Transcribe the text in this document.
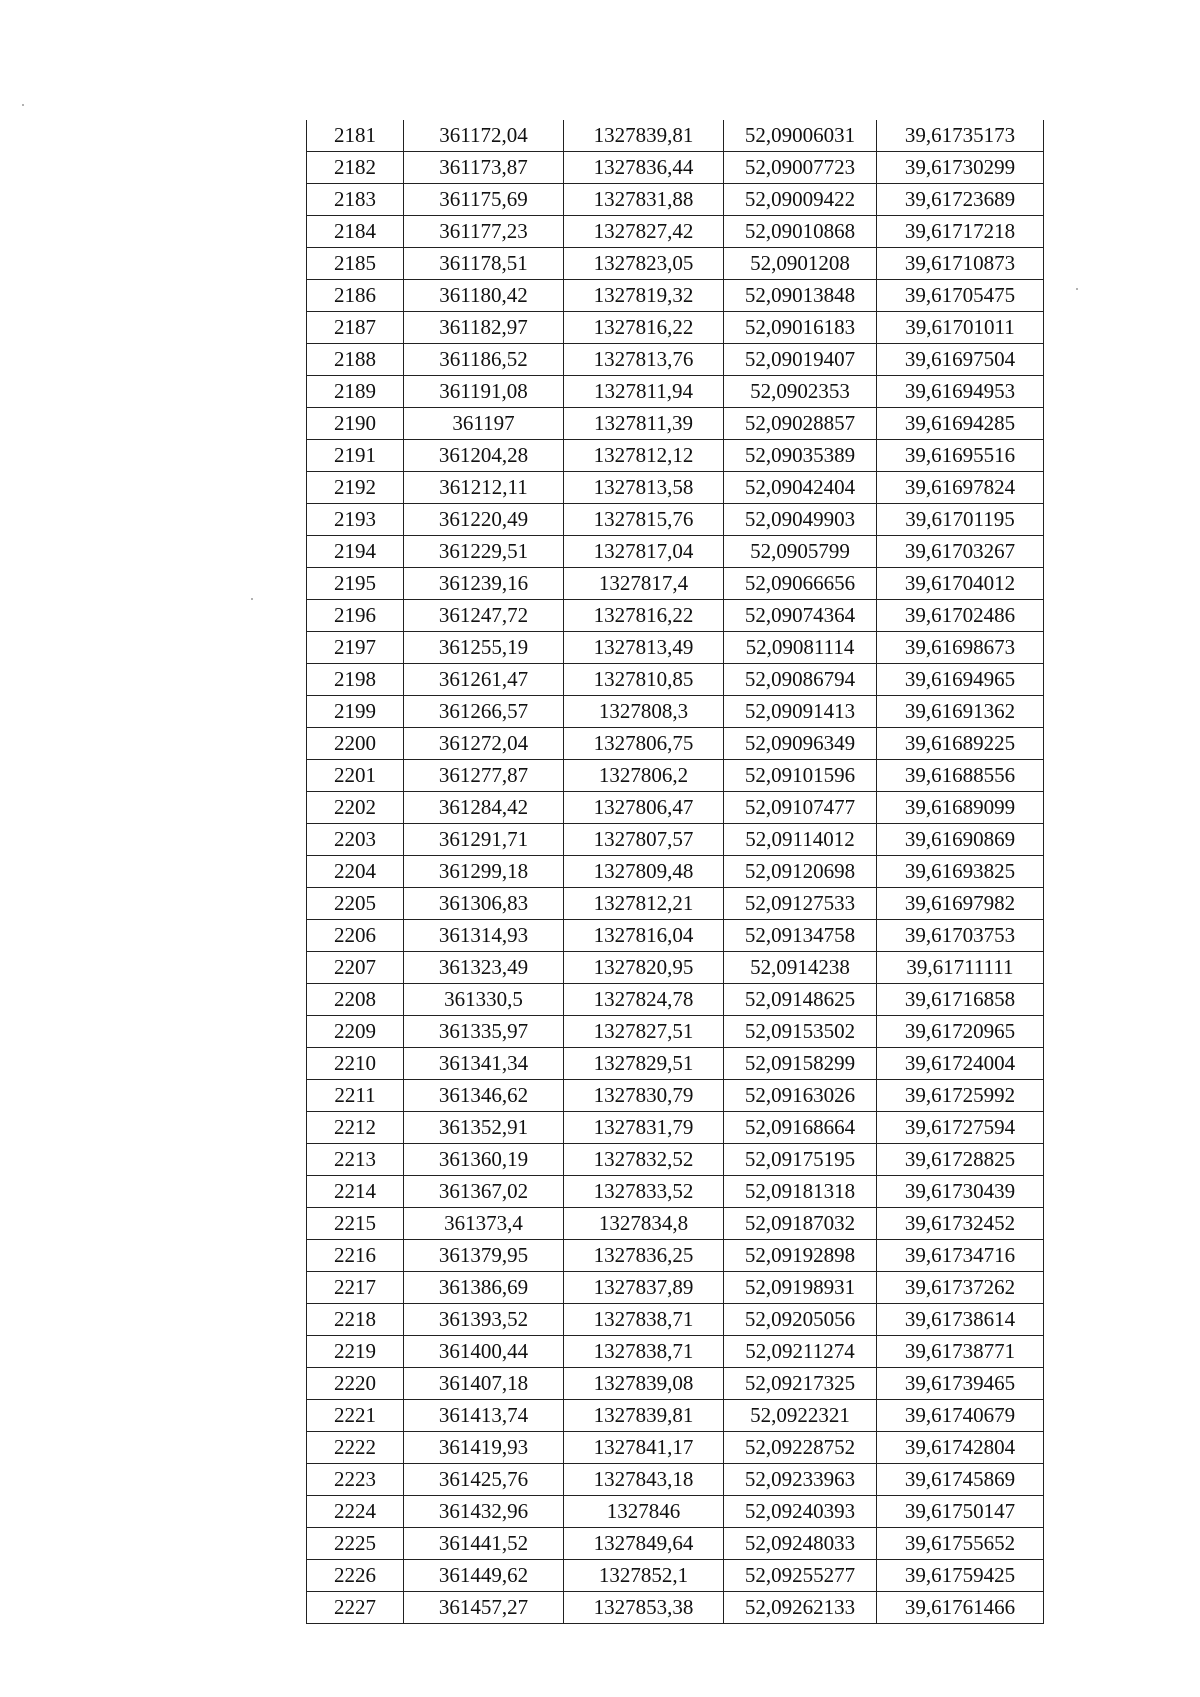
2181	361172,04	1327839,81	52,09006031	39,61735173
2182	361173,87	1327836,44	52,09007723	39,61730299
2183	361175,69	1327831,88	52,09009422	39,61723689
2184	361177,23	1327827,42	52,09010868	39,61717218
2185	361178,51	1327823,05	52,0901208	39,61710873
2186	361180,42	1327819,32	52,09013848	39,61705475
2187	361182,97	1327816,22	52,09016183	39,61701011
2188	361186,52	1327813,76	52,09019407	39,61697504
2189	361191,08	1327811,94	52,0902353	39,61694953
2190	361197	1327811,39	52,09028857	39,61694285
2191	361204,28	1327812,12	52,09035389	39,61695516
2192	361212,11	1327813,58	52,09042404	39,61697824
2193	361220,49	1327815,76	52,09049903	39,61701195
2194	361229,51	1327817,04	52,0905799	39,61703267
2195	361239,16	1327817,4	52,09066656	39,61704012
2196	361247,72	1327816,22	52,09074364	39,61702486
2197	361255,19	1327813,49	52,09081114	39,61698673
2198	361261,47	1327810,85	52,09086794	39,61694965
2199	361266,57	1327808,3	52,09091413	39,61691362
2200	361272,04	1327806,75	52,09096349	39,61689225
2201	361277,87	1327806,2	52,09101596	39,61688556
2202	361284,42	1327806,47	52,09107477	39,61689099
2203	361291,71	1327807,57	52,09114012	39,61690869
2204	361299,18	1327809,48	52,09120698	39,61693825
2205	361306,83	1327812,21	52,09127533	39,61697982
2206	361314,93	1327816,04	52,09134758	39,61703753
2207	361323,49	1327820,95	52,0914238	39,61711111
2208	361330,5	1327824,78	52,09148625	39,61716858
2209	361335,97	1327827,51	52,09153502	39,61720965
2210	361341,34	1327829,51	52,09158299	39,61724004
2211	361346,62	1327830,79	52,09163026	39,61725992
2212	361352,91	1327831,79	52,09168664	39,61727594
2213	361360,19	1327832,52	52,09175195	39,61728825
2214	361367,02	1327833,52	52,09181318	39,61730439
2215	361373,4	1327834,8	52,09187032	39,61732452
2216	361379,95	1327836,25	52,09192898	39,61734716
2217	361386,69	1327837,89	52,09198931	39,61737262
2218	361393,52	1327838,71	52,09205056	39,61738614
2219	361400,44	1327838,71	52,09211274	39,61738771
2220	361407,18	1327839,08	52,09217325	39,61739465
2221	361413,74	1327839,81	52,0922321	39,61740679
2222	361419,93	1327841,17	52,09228752	39,61742804
2223	361425,76	1327843,18	52,09233963	39,61745869
2224	361432,96	1327846	52,09240393	39,61750147
2225	361441,52	1327849,64	52,09248033	39,61755652
2226	361449,62	1327852,1	52,09255277	39,61759425
2227	361457,27	1327853,38	52,09262133	39,61761466
